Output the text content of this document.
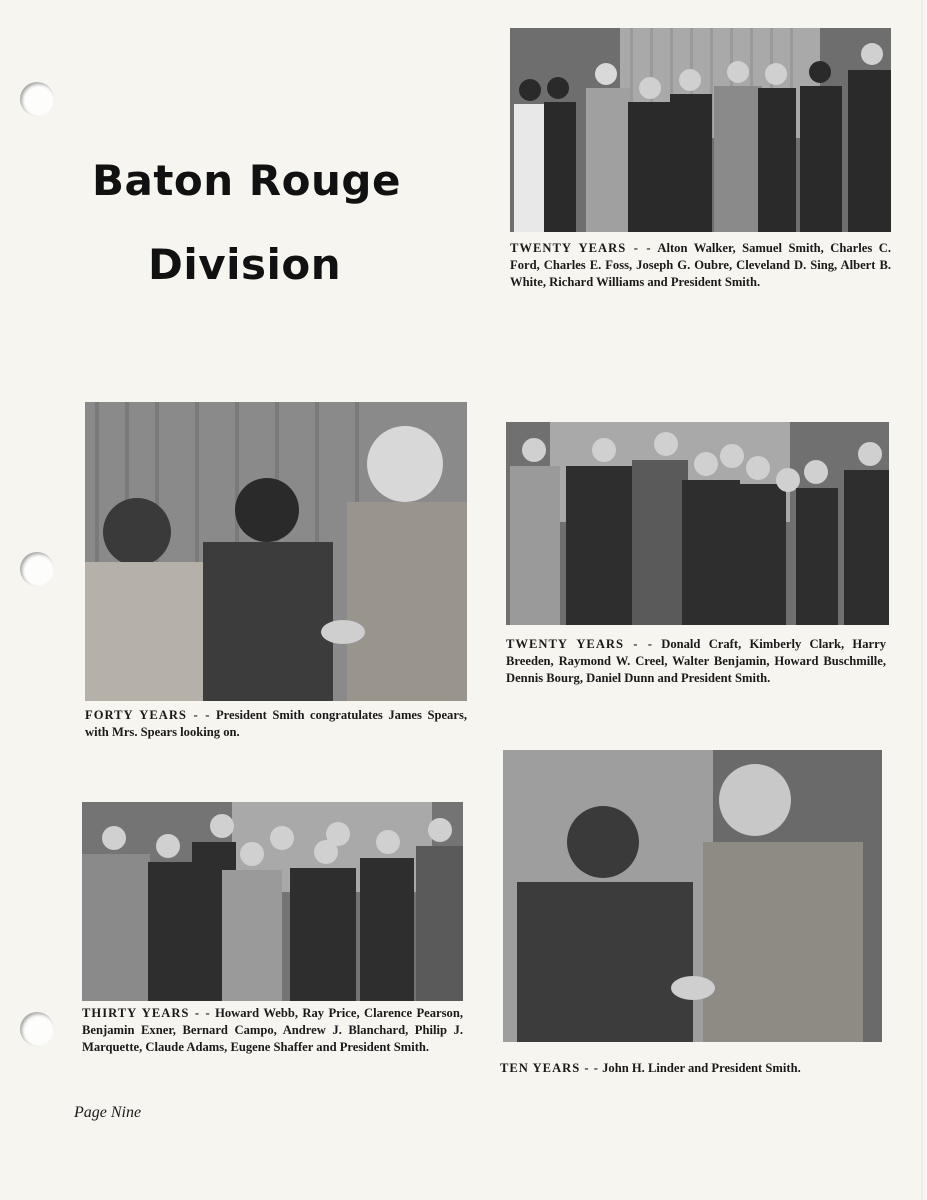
Baton Rouge
Division	TWENTY YEARS - - Alton Walker, Samuel Smith, Charles C. Ford, Charles E. Foss, Joseph G. Oubre, Cleveland D. Sing, Albert B. White, Richard Williams and President Smith.

FORTY YEARS - - President Smith congratulates James Spears, with Mrs. Spears looking on.

TWENTY YEARS - - Donald Craft, Kimberly Clark, Harry Breeden, Raymond W. Creel, Walter Benjamin, Howard Buschmille, Dennis Bourg, Daniel Dunn and President Smith.

THIRTY YEARS - - Howard Webb, Ray Price, Clarence Pearson, Benjamin Exner, Bernard Campo, Andrew J. Blanchard, Philip J. Marquette, Claude Adams, Eugene Shaffer and President Smith.

TEN YEARS - - John H. Linder and President Smith.

Page Nine
